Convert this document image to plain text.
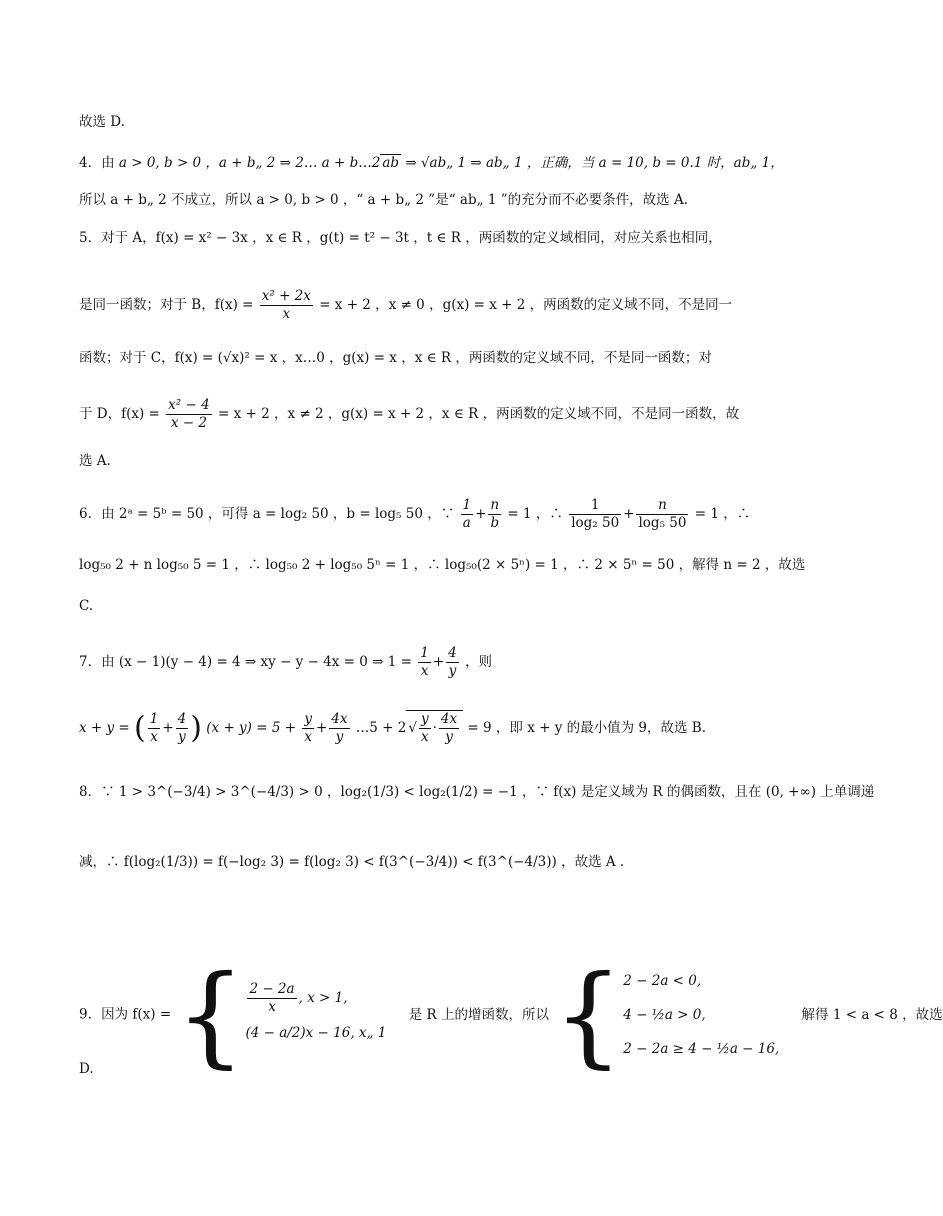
故选 D.
4．由 a > 0, b > 0 ，a + b„ 2 ⇒ 2… a + b…2 ab ⇒ √ab„ 1 ⇒ ab„ 1 ，正确，当 a = 10, b = 0.1 时，ab„ 1，
所以 a + b„ 2 不成立，所以 a > 0, b > 0 ，“ a + b„ 2 ”是“ ab„ 1 ”的充分而不必要条件，故选 A.
5．对于 A，f(x) = x² − 3x ，x ∈ R ，g(t) = t² − 3t ，t ∈ R ，两函数的定义域相同，对应关系也相同，
是同一函数；对于 B，$f(x) = \frac{\text{x² + 2x}}{x} = x + 2$ ，x ≠ 0 ，g(x) = x + 2 ，两函数的定义域不同，不是同一
函数；对于 C，f(x) = (√x)² = x ，x…0 ，g(x) = x ，x ∈ R ，两函数的定义域不同，不是同一函数；对
于 D，$f(x) = \frac{\text{x² − 4}}{x - 2} = x + 2$ ，x ≠ 2 ，g(x) = x + 2 ，x ∈ R ，两函数的定义域不同，不是同一函数，故
选 A.
6．由 2ᵃ = 5ᵇ = 50 ，可得 a = log₂ 50 ，b = log₅ 50 ，∵ $\frac{1}{a} + \frac{n}{b} = 1$ ，∴ $\frac{1}{\text{log₂ 50}} + \frac{n}{\text{log₅ 50}} = 1$ ，∴
log₅₀ 2 + n log₅₀ 5 = 1 ，∴ log₅₀ 2 + log₅₀ 5ⁿ = 1 ，∴ log₅₀(2 × 5ⁿ) = 1 ，∴ 2 × 5ⁿ = 50 ，解得 n = 2 ，故选
C.
7．由 (x − 1)(y − 4) = 4 ⇒ xy − y − 4x = 0 ⇒ $1 = \frac{1}{x} + \frac{4}{y}$ ，则
x + y = ( $\frac{1}{x} + \frac{4}{y}$ ) $(x + y) = 5 + \frac{y}{x} + \frac{4x}{y}$ …5 + 2 √ $\frac{y}{x} \cdot \frac{4x}{y} = 9$ ，即 x + y 的最小值为 9，故选 B.
8．∵ 1 > 3^(−3/4) > 3^(−4/3) > 0 ，log₂(1/3) < log₂(1/2) = −1 ，∵ f(x) 是定义域为 R 的偶函数，且在 (0, +∞) 上单调递
减，∴ f(log₂(1/3)) = f(−log₂ 3) = f(log₂ 3) < f(3^(−3/4)) < f(3^(−4/3)) ，故选 A .
9．因为 f(x) = { $\frac{2 - 2a}{x}$ , x > 1,
(4 − a/2)x − 16, x„ 1
是 R 上的增函数，所以 { 2 − 2a < 0,
4 − ½a > 0,
2 − 2a ≥ 4 − ½a − 16,
解得 1 < a < 8 ，故选
D.
